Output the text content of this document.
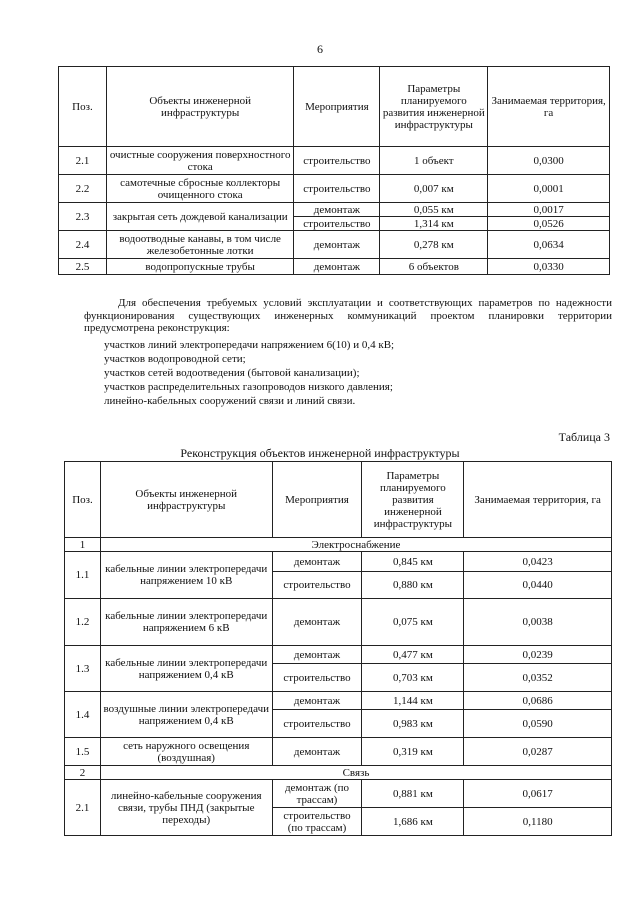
6
Поз.	Объекты инженерной инфраструктуры	Мероприятия	Параметры планируемого развития инженерной инфраструктуры	Занимаемая территория, га
2.1	очистные сооружения поверхностного стока	строительство	1 объект	0,0300
2.2	самотечные сбросные коллекторы очищенного стока	строительство	0,007 км	0,0001
2.3	закрытая сеть дождевой канализации	демонтаж	0,055 км	0,0017
		строительство	1,314 км	0,0526
2.4	водоотводные канавы, в том числе железобетонные лотки	демонтаж	0,278 км	0,0634
2.5	водопропускные трубы	демонтаж	6 объектов	0,0330
Для обеспечения требуемых условий эксплуатации и соответствующих параметров по надежности функционирования существующих инженерных коммуникаций проектом планировки территории предусмотрена реконструкция:
участков линий электропередачи напряжением 6(10) и 0,4 кВ;
участков водопроводной сети;
участков сетей водоотведения (бытовой канализации);
участков распределительных газопроводов низкого давления;
линейно-кабельных сооружений связи и линий связи.
Таблица 3
Реконструкция объектов инженерной инфраструктуры
Поз.	Объекты инженерной инфраструктуры	Мероприятия	Параметры планируемого развития инженерной инфраструктуры	Занимаемая территория, га
1	Электроснабжение			
1.1	кабельные линии электропередачи напряжением 10 кВ	демонтаж	0,845 км	0,0423
		строительство	0,880 км	0,0440
1.2	кабельные линии электропередачи напряжением 6 кВ	демонтаж	0,075 км	0,0038
1.3	кабельные линии электропередачи напряжением 0,4 кВ	демонтаж	0,477 км	0,0239
		строительство	0,703 км	0,0352
1.4	воздушные линии электропередачи напряжением 0,4 кВ	демонтаж	1,144 км	0,0686
		строительство	0,983 км	0,0590
1.5	сеть наружного освещения (воздушная)	демонтаж	0,319 км	0,0287
2	Связь			
2.1	линейно-кабельные сооружения связи, трубы ПНД (закрытые переходы)	демонтаж (по трассам)	0,881 км	0,0617
		строительство (по трассам)	1,686 км	0,1180
